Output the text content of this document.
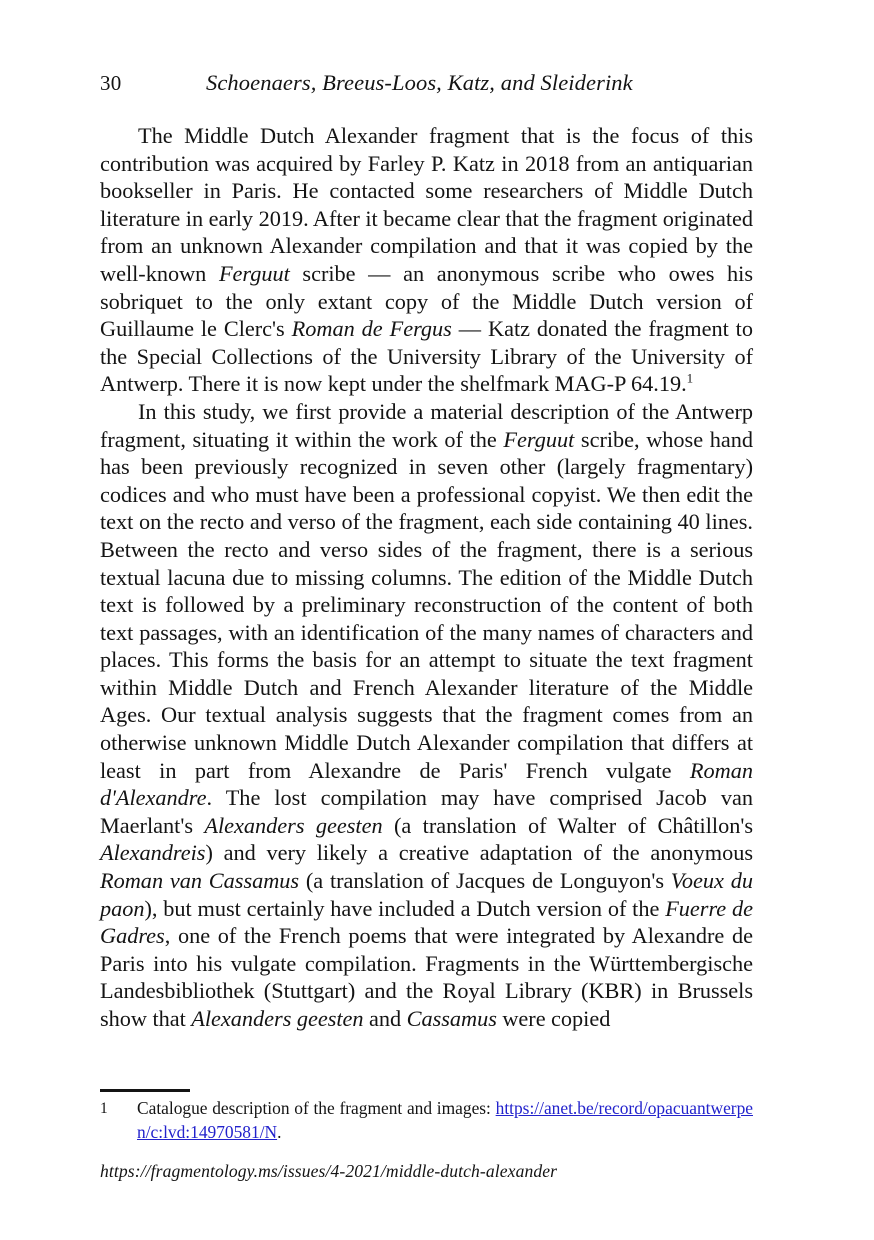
30	Schoenaers, Breeus-Loos, Katz, and Sleiderink

The Middle Dutch Alexander fragment that is the focus of this contribution was acquired by Farley P. Katz in 2018 from an antiquarian bookseller in Paris. He contacted some researchers of Middle Dutch literature in early 2019. After it became clear that the fragment originated from an unknown Alexander compilation and that it was copied by the well-known Ferguut scribe — an anonymous scribe who owes his sobriquet to the only extant copy of the Middle Dutch version of Guillaume le Clerc's Roman de Fergus — Katz donated the fragment to the Special Collections of the University Library of the University of Antwerp. There it is now kept under the shelfmark MAG-P 64.19.$^1$

In this study, we first provide a material description of the Antwerp fragment, situating it within the work of the Ferguut scribe, whose hand has been previously recognized in seven other (largely fragmentary) codices and who must have been a professional copyist. We then edit the text on the recto and verso of the fragment, each side containing 40 lines. Between the recto and verso sides of the fragment, there is a serious textual lacuna due to missing columns. The edition of the Middle Dutch text is followed by a preliminary reconstruction of the content of both text passages, with an identification of the many names of characters and places. This forms the basis for an attempt to situate the text fragment within Middle Dutch and French Alexander literature of the Middle Ages. Our textual analysis suggests that the fragment comes from an otherwise unknown Middle Dutch Alexander compilation that differs at least in part from Alexandre de Paris' French vulgate Roman d'Alexandre. The lost compilation may have comprised Jacob van Maerlant's Alexanders geesten (a translation of Walter of Châtillon's Alexandreis) and very likely a creative adaptation of the anonymous Roman van Cassamus (a translation of Jacques de Longuyon's Voeux du paon), but must certainly have included a Dutch version of the Fuerre de Gadres, one of the French poems that were integrated by Alexandre de Paris into his vulgate compilation. Fragments in the Württembergische Landesbibliothek (Stuttgart) and the Royal Library (KBR) in Brussels show that Alexanders geesten and Cassamus were copied

1	Catalogue description of the fragment and images: https://anet.be/record/opacuantwerpen/c:lvd:14970581/N.
https://fragmentology.ms/issues/4-2021/middle-dutch-alexander
